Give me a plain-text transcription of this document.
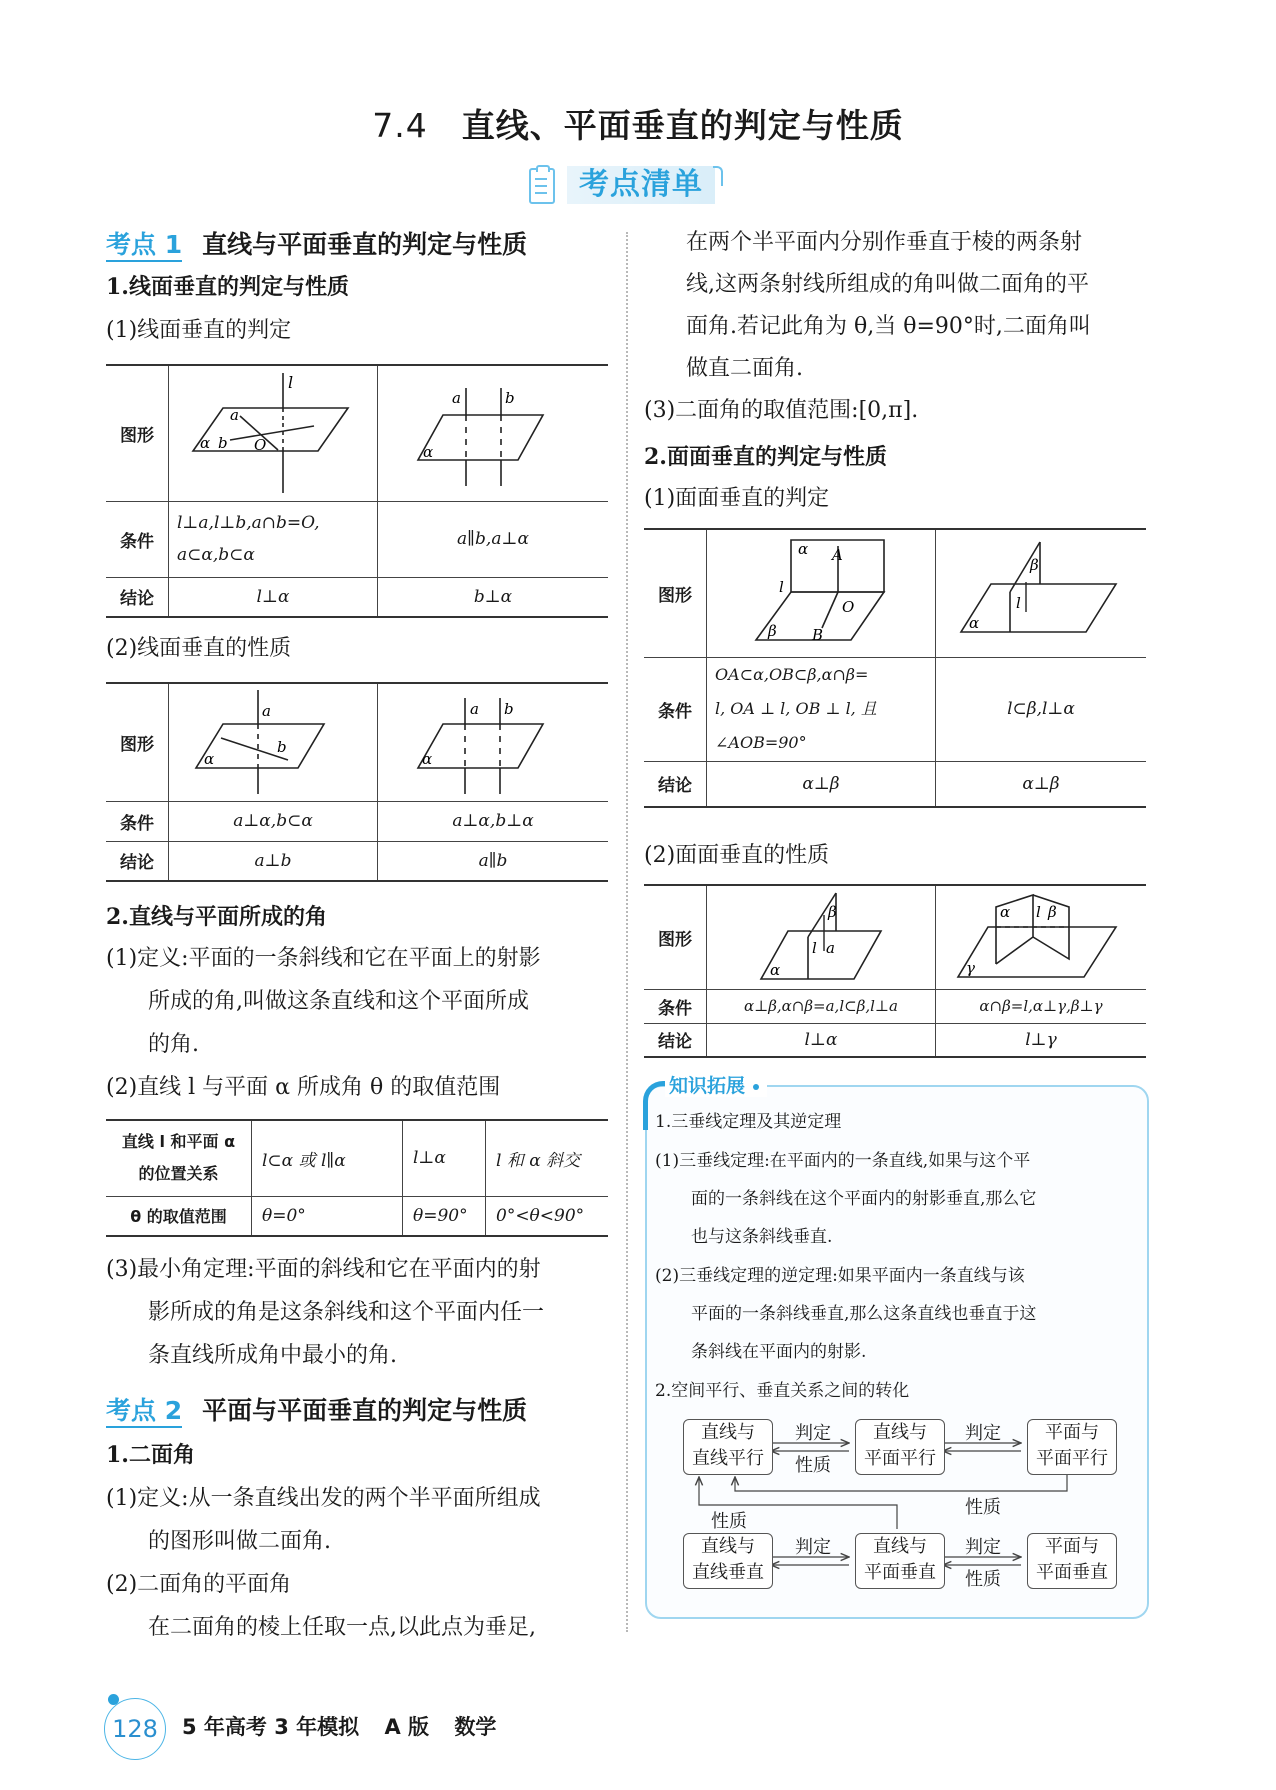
7.4 直线、平面垂直的判定与性质
考点清单
考点 1 直线与平面垂直的判定与性质
1.线面垂直的判定与性质
(1)线面垂直的判定
图形	l
a
b
α O	a b
α

条件	l⊥a,l⊥b,a∩b=O,
a⊂α,b⊂α	a∥b,a⊥α
结论	l⊥α	b⊥α
(2)线面垂直的性质
图形	a
b
α	a b
α

条件	a⊥α,b⊂α	a⊥α,b⊥α
结论	a⊥b	a∥b
2.直线与平面所成的角
(1)定义:平面的一条斜线和它在平面上的射影
所成的角,叫做这条直线和这个平面所成
的角.
(2)直线 l 与平面 α 所成角 θ 的取值范围
直线 l 和平面 α
的位置关系	l⊂α 或 l∥α	l⊥α	l 和 α 斜交
θ 的取值范围	θ=0°	θ=90°	0°<θ<90°
(3)最小角定理:平面的斜线和它在平面内的射
影所成的角是这条斜线和这个平面内任一
条直线所成角中最小的角.
考点 2 平面与平面垂直的判定与性质
1.二面角
(1)定义:从一条直线出发的两个半平面所组成
的图形叫做二面角.
(2)二面角的平面角
在二面角的棱上任取一点,以此点为垂足,
在两个半平面内分别作垂直于棱的两条射
线,这两条射线所组成的角叫做二面角的平
面角.若记此角为 θ,当 θ=90°时,二面角叫
做直二面角.
(3)二面角的取值范围:[0,π].
2.面面垂直的判定与性质
(1)面面垂直的判定
图形	
α A
l
O
β B

β
l
α

条件	OA⊂α,OB⊂β,α∩β=
l, OA ⊥ l, OB ⊥ l, 且
∠AOB=90°	l⊂β,l⊥α
结论	α⊥β	α⊥β
(2)面面垂直的性质
图形	β
l a
α	α l β
γ

条件	α⊥β,α∩β=a,l⊂β,l⊥a	α∩β=l,α⊥γ,β⊥γ
结论	l⊥α	l⊥γ
知识拓展
1.三垂线定理及其逆定理
(1)三垂线定理:在平面内的一条直线,如果与这个平
面的一条斜线在这个平面内的射影垂直,那么它
也与这条斜线垂直.
(2)三垂线定理的逆定理:如果平面内一条直线与该
平面的一条斜线垂直,那么这条直线也垂直于这
条斜线在平面内的射影.
2.空间平行、垂直关系之间的转化
直线与
直线平行
直线与
平面平行
平面与
平面平行
直线与
直线垂直
直线与
平面垂直
平面与
平面垂直
判定
性质
判定
性质
性质
判定	判定
性质
128	5 年高考 3 年模拟 A 版 数学
